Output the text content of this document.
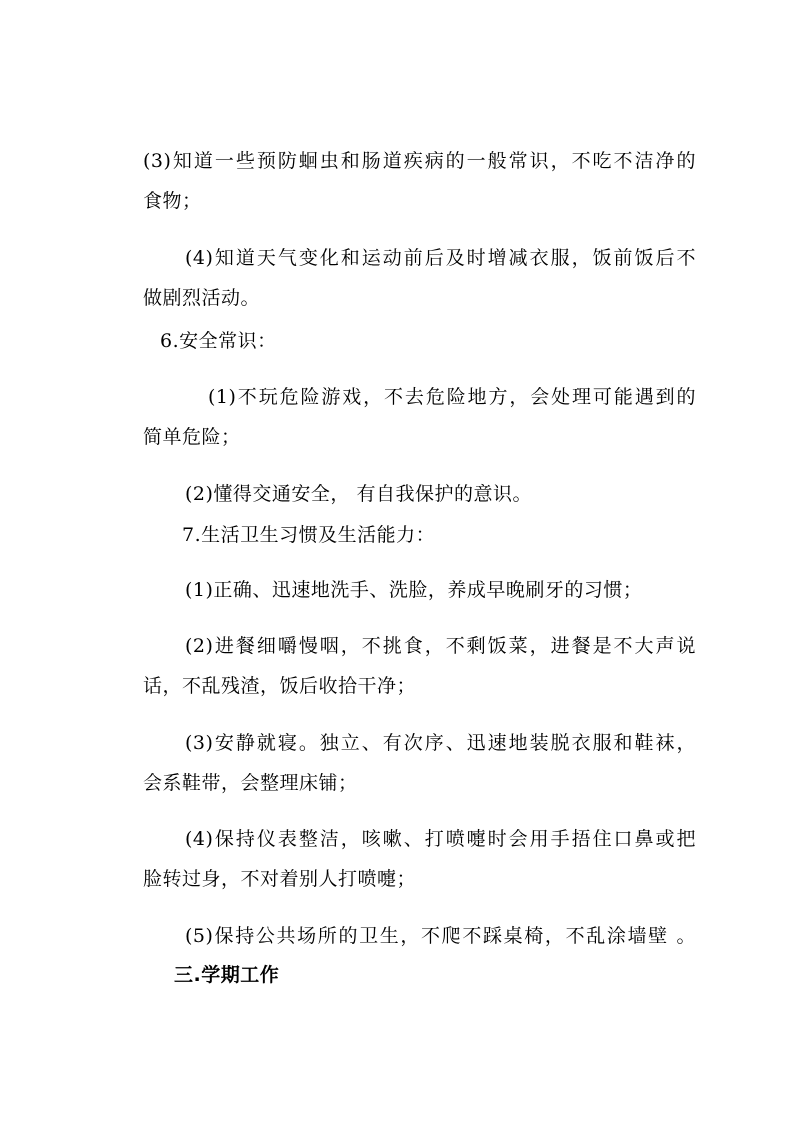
(3)知道一些预防蛔虫和肠道疾病的一般常识，不吃不洁净的
食物；
(4)知道天气变化和运动前后及时增减衣服，饭前饭后不
做剧烈活动。
6.安全常识：
(1)不玩危险游戏，不去危险地方，会处理可能遇到的
简单危险；
(2)懂得交通安全， 有自我保护的意识。
7.生活卫生习惯及生活能力：
(1)正确、迅速地洗手、洗脸，养成早晚刷牙的习惯；
(2)进餐细嚼慢咽，不挑食，不剩饭菜，进餐是不大声说
话，不乱残渣，饭后收拾干净；
(3)安静就寝。独立、有次序、迅速地装脱衣服和鞋袜，
会系鞋带，会整理床铺；
(4)保持仪表整洁，咳嗽、打喷嚏时会用手捂住口鼻或把
脸转过身，不对着别人打喷嚏；
(5)保持公共场所的卫生，不爬不踩桌椅，不乱涂墙壁 。
三.学期工作
